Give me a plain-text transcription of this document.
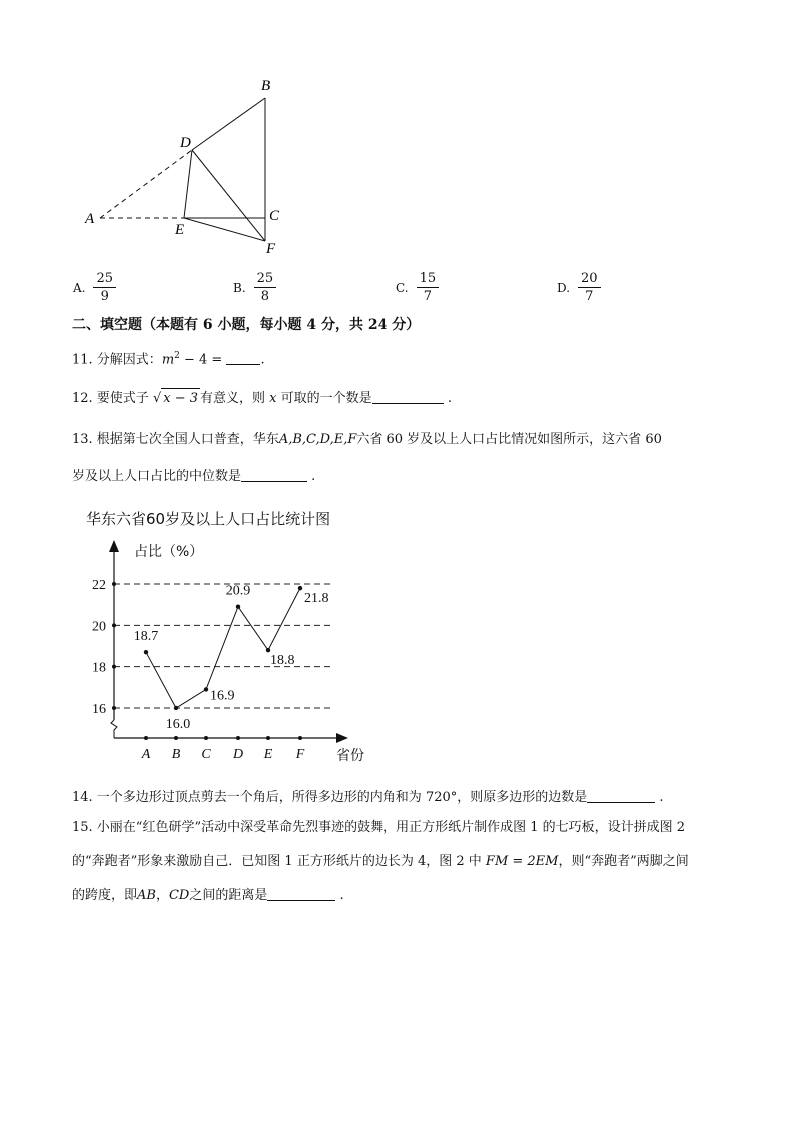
B
D
A
E
C
F
A. $\frac{25}{9}$	B. $\frac{25}{8}$	C. $\frac{15}{7}$	D. $\frac{20}{7}$
二、填空题（本题有 6 小题，每小题 4 分，共 24 分）
11. 分解因式：$m^2 - 4$ =	.
12. 要使式子 √ x − 3 有意义，则 x 可取的一个数是	.
13. 根据第七次全国人口普查，华东A,B,C,D,E,F六省 60 岁及以上人口占比情况如图所示，这六省 60
岁及以上人口占比的中位数是	.
华东六省60岁及以上人口占比统计图
16
18
20
22
占比（%）
省份
A B C D E F
18.7
16.0
16.9
20.9
18.8
21.8
14. 一个多边形过顶点剪去一个角后，所得多边形的内角和为 720°，则原多边形的边数是	.
15. 小丽在“红色研学”活动中深受革命先烈事迹的鼓舞，用正方形纸片制作成图 1 的七巧板，设计拼成图 2
的“奔跑者”形象来激励自己．已知图 1 正方形纸片的边长为 4，图 2 中 FM = 2EM，则“奔跑者”两脚之间
的跨度，即AB，CD之间的距离是	.
